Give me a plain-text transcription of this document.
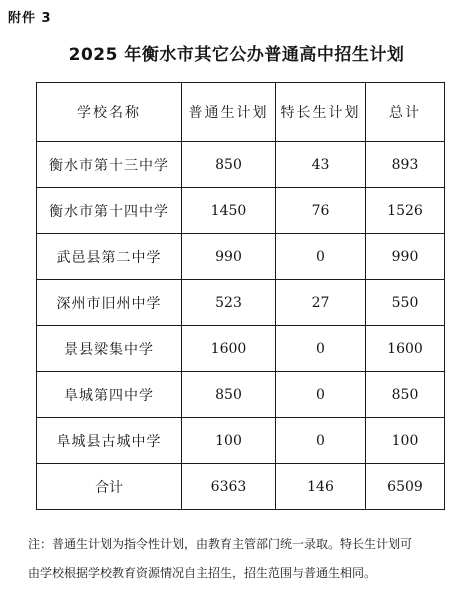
附件 3
2025 年衡水市其它公办普通高中招生计划
学校名称	普通生计划	特长生计划	总计
衡水市第十三中学	850	43	893
衡水市第十四中学	1450	76	1526
武邑县第二中学	990	0	990
深州市旧州中学	523	27	550
景县梁集中学	1600	0	1600
阜城第四中学	850	0	850
阜城县古城中学	100	0	100
合计	6363	146	6509
注：普通生计划为指令性计划，由教育主管部门统一录取。特长生计划可
由学校根据学校教育资源情况自主招生，招生范围与普通生相同。
